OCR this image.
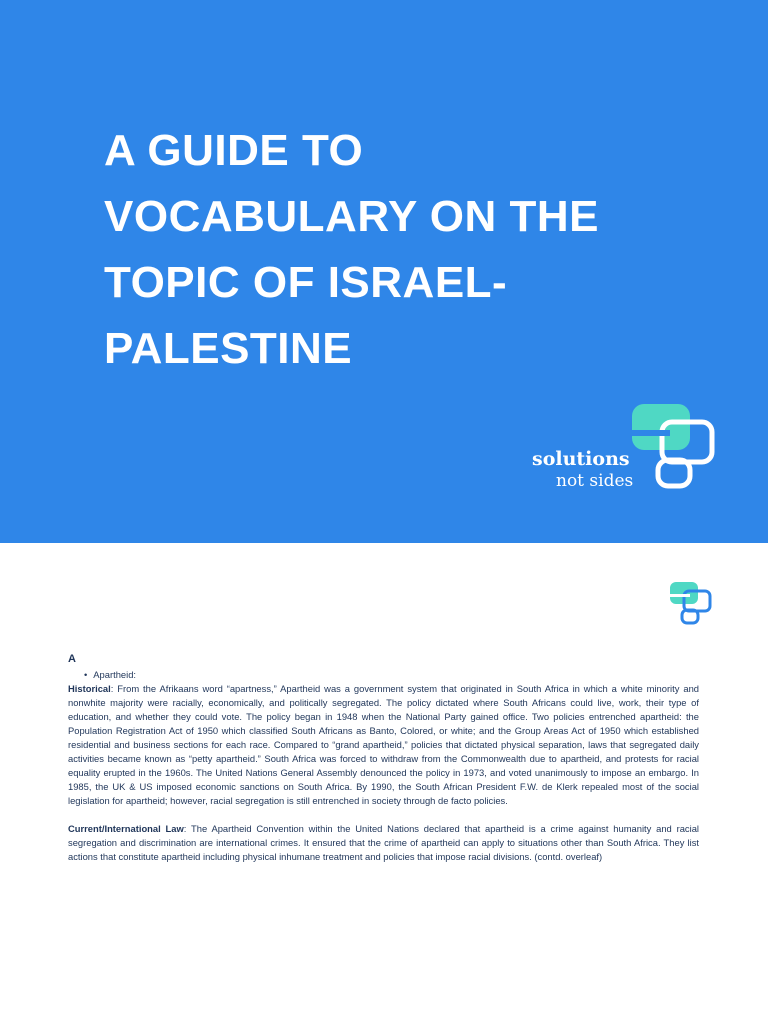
A GUIDE TO
VOCABULARY ON THE
TOPIC OF ISRAEL-
PALESTINE
solutions
not sides
A
• Apartheid:

Historical: From the Afrikaans word “apartness,” Apartheid was a government system that originated in South Africa in which a white minority and nonwhite majority were racially, economically, and politically segregated. The policy dictated where South Africans could live, work, their type of education, and whether they could vote. The policy began in 1948 when the National Party gained office. Two policies entrenched apartheid: the Population Registration Act of 1950 which classified South Africans as Banto, Colored, or white; and the Group Areas Act of 1950 which established residential and business sections for each race. Compared to “grand apartheid,” policies that dictated physical separation, laws that segregated daily activities became known as “petty apartheid.” South Africa was forced to withdraw from the Commonwealth due to apartheid, and protests for racial equality erupted in the 1960s. The United Nations General Assembly denounced the policy in 1973, and voted unanimously to impose an embargo. In 1985, the UK & US imposed economic sanctions on South Africa. By 1990, the South African President F.W. de Klerk repealed most of the social legislation for apartheid; however, racial segregation is still entrenched in society through de facto policies.

Current/International Law: The Apartheid Convention within the United Nations declared that apartheid is a crime against humanity and racial segregation and discrimination are international crimes. It ensured that the crime of apartheid can apply to situations other than South Africa. They list actions that constitute apartheid including physical inhumane treatment and policies that impose racial divisions. (contd. overleaf)
